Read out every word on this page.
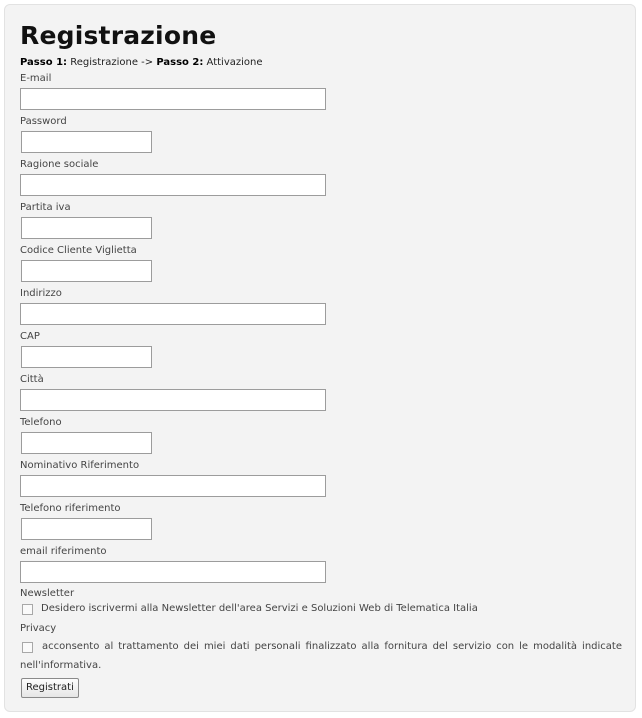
Registrazione
Passo 1: Registrazione -> Passo 2: Attivazione
E-mail
Password
Ragione sociale
Partita iva
Codice Cliente Viglietta
Indirizzo
CAP
Città
Telefono
Nominativo Riferimento
Telefono riferimento
email riferimento
Newsletter
Desidero iscrivermi alla Newsletter dell'area Servizi e Soluzioni Web di Telematica Italia
Privacy
acconsento al trattamento dei miei dati personali finalizzato alla fornitura del servizio con le modalità indicate nell'informativa.
Registrati
